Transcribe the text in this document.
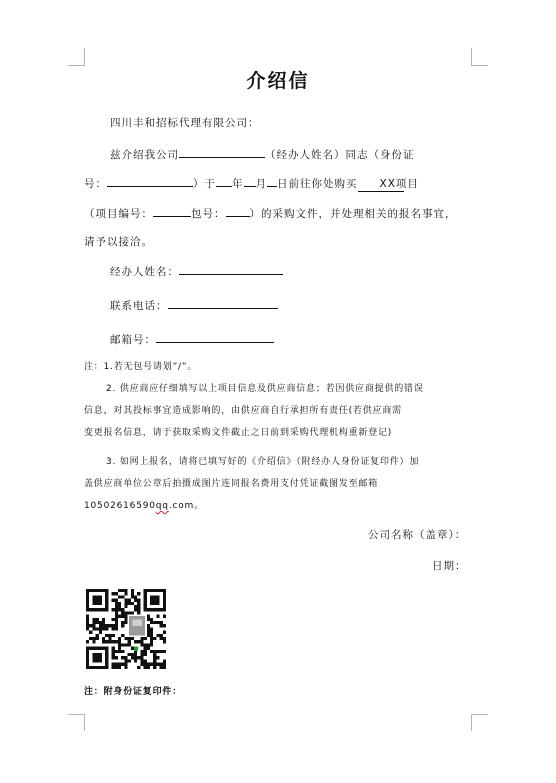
介绍信
四川丰和招标代理有限公司：
兹介绍我公司	（经办人姓名）同志（身份证
号：	）于 年 月 日前往你处购买 XX项目
（项目编号：	包号： ）的采购文件，并处理相关的报名事宜，
请予以接洽。
经办人姓名：
联系电话：
邮箱号：
注：1.若无包号请划”/”。
2. 供应商应仔细填写以上项目信息及供应商信息；若因供应商提供的错误
信息，对其投标事宜造成影响的，由供应商自行承担所有责任(若供应商需
变更报名信息，请于获取采购文件截止之日前到采购代理机构重新登记)
3. 如网上报名，请将已填写好的《介绍信》（附经办人身份证复印件）加
盖供应商单位公章后拍摄成图片连同报名费用支付凭证截图发至邮箱
10502616590qq.com。
公司名称（盖章）：
日期：
注：附身份证复印件：
